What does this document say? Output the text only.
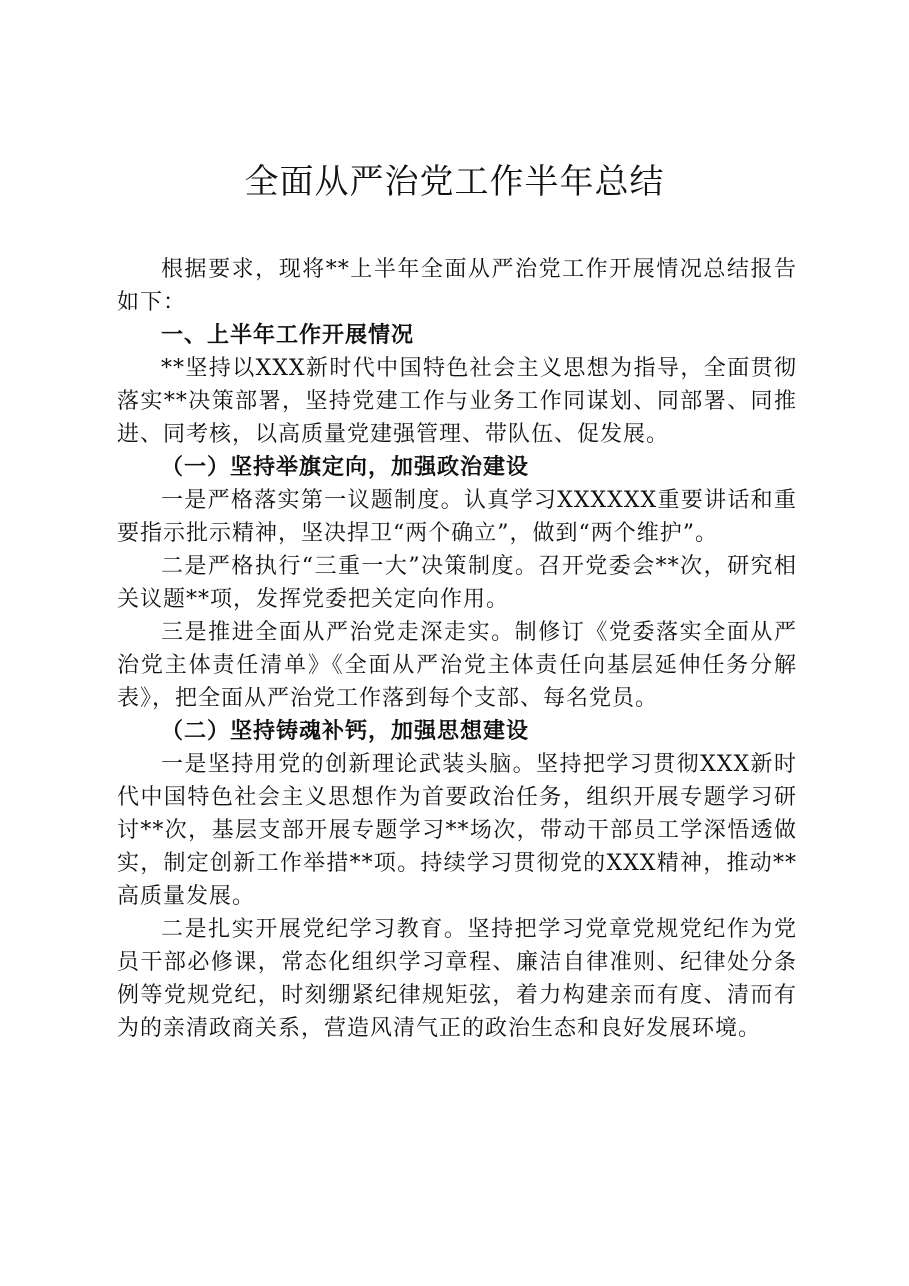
全面从严治党工作半年总结

根据要求，现将**上半年全面从严治党工作开展情况总结报告如下：

一、上半年工作开展情况

**坚持以XXX新时代中国特色社会主义思想为指导，全面贯彻落实**决策部署，坚持党建工作与业务工作同谋划、同部署、同推进、同考核，以高质量党建强管理、带队伍、促发展。

（一）坚持举旗定向，加强政治建设

一是严格落实第一议题制度。认真学习XXXXXX重要讲话和重要指示批示精神，坚决捍卫“两个确立”，做到“两个维护”。

二是严格执行“三重一大”决策制度。召开党委会**次，研究相关议题**项，发挥党委把关定向作用。

三是推进全面从严治党走深走实。制修订《党委落实全面从严治党主体责任清单》《全面从严治党主体责任向基层延伸任务分解表》，把全面从严治党工作落到每个支部、每名党员。

（二）坚持铸魂补钙，加强思想建设

一是坚持用党的创新理论武装头脑。坚持把学习贯彻XXX新时代中国特色社会主义思想作为首要政治任务，组织开展专题学习研讨**次，基层支部开展专题学习**场次，带动干部员工学深悟透做实，制定创新工作举措**项。持续学习贯彻党的XXX精神，推动**高质量发展。

二是扎实开展党纪学习教育。坚持把学习党章党规党纪作为党员干部必修课，常态化组织学习章程、廉洁自律准则、纪律处分条例等党规党纪，时刻绷紧纪律规矩弦，着力构建亲而有度、清而有为的亲清政商关系，营造风清气正的政治生态和良好发展环境。
